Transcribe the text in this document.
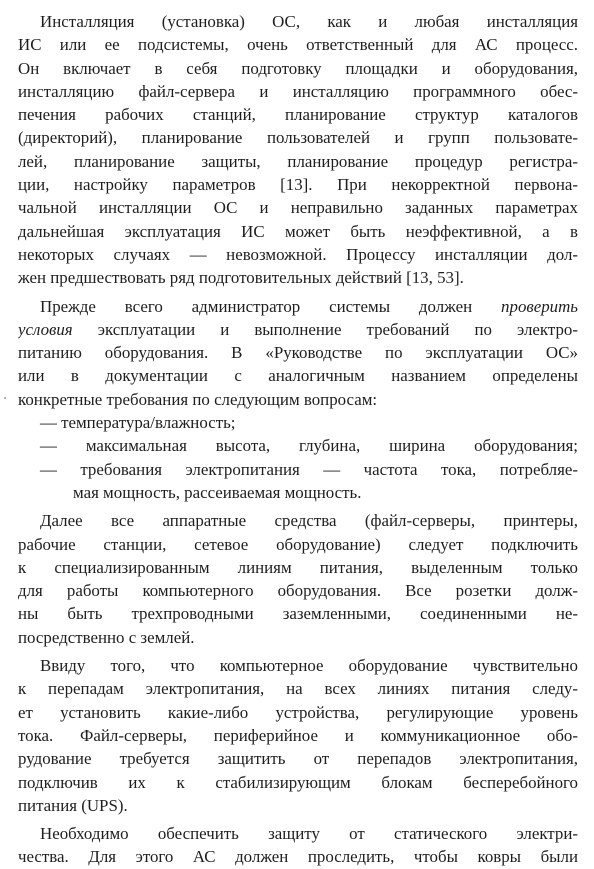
Инсталляция (установка) ОС, как и любая инсталляция
ИС или ее подсистемы, очень ответственный для АС процесс.
Он включает в себя подготовку площадки и оборудования,
инсталляцию файл-сервера и инсталляцию программного обес-
печения рабочих станций, планирование структур каталогов
(директорий), планирование пользователей и групп пользовате-
лей, планирование защиты, планирование процедур регистра-
ции, настройку параметров [13]. При некорректной первона-
чальной инсталляции ОС и неправильно заданных параметрах
дальнейшая эксплуатация ИС может быть неэффективной, а в
некоторых случаях — невозможной. Процессу инсталляции дол-
жен предшествовать ряд подготовительных действий [13, 53].
Прежде всего администратор системы должен проверить
условия эксплуатации и выполнение требований по электро-
питанию оборудования. В «Руководстве по эксплуатации ОС»
или в документации с аналогичным названием определены
конкретные требования по следующим вопросам:
— температура/влажность;
— максимальная высота, глубина, ширина оборудования;
— требования электропитания — частота тока, потребляе-
мая мощность, рассеиваемая мощность.
Далее все аппаратные средства (файл-серверы, принтеры,
рабочие станции, сетевое оборудование) следует подключить
к специализированным линиям питания, выделенным только
для работы компьютерного оборудования. Все розетки долж-
ны быть трехпроводными заземленными, соединенными не-
посредственно с землей.
Ввиду того, что компьютерное оборудование чувствительно
к перепадам электропитания, на всех линиях питания следу-
ет установить какие-либо устройства, регулирующие уровень
тока. Файл-серверы, периферийное и коммуникационное обо-
рудование требуется защитить от перепадов электропитания,
подключив их к стабилизирующим блокам бесперебойного
питания (UPS).
Необходимо обеспечить защиту от статического электри-
чества. Для этого АС должен проследить, чтобы ковры были
